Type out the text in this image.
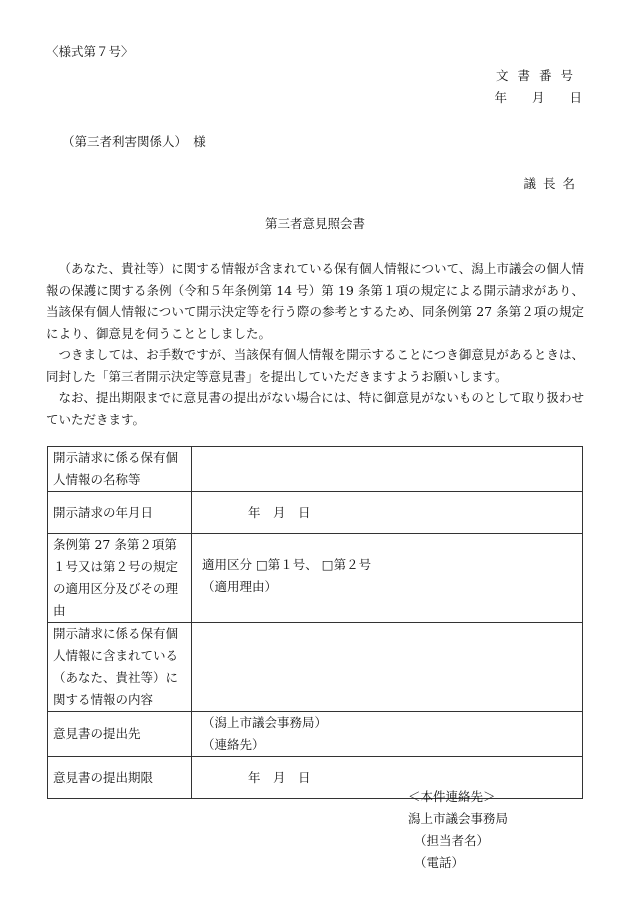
〈様式第７号〉
文書番号
年　　月　　日
（第三者利害関係人）　様
議長名
第三者意見照会書

（あなた、貴社等）に関する情報が含まれている保有個人情報について、潟上市議会の個人情報の保護に関する条例（令和５年条例第 14 号）第 19 条第１項の規定による開示請求があり、当該保有個人情報について開示決定等を行う際の参考とするため、同条例第 27 条第２項の規定により、御意見を伺うこととしました。

つきましては、お手数ですが、当該保有個人情報を開示することにつき御意見があるときは、同封した「第三者開示決定等意見書」を提出していただきますようお願いします。

なお、提出期限までに意見書の提出がない場合には、特に御意見がないものとして取り扱わせていただきます。

開示請求に係る保有個人情報の名称等	
開示請求の年月日	年　月　日
条例第 27 条第２項第１号又は第２号の規定の適用区分及びその理由	適用区分 □第１号、 □第２号
（適用理由）

開示請求に係る保有個人情報に含まれている（あなた、貴社等）に関する情報の内容	
意見書の提出先	（潟上市議会事務局）
（連絡先）

意見書の提出期限	年　月　日
＜本件連絡先＞
潟上市議会事務局
（担当者名）
（電話）
